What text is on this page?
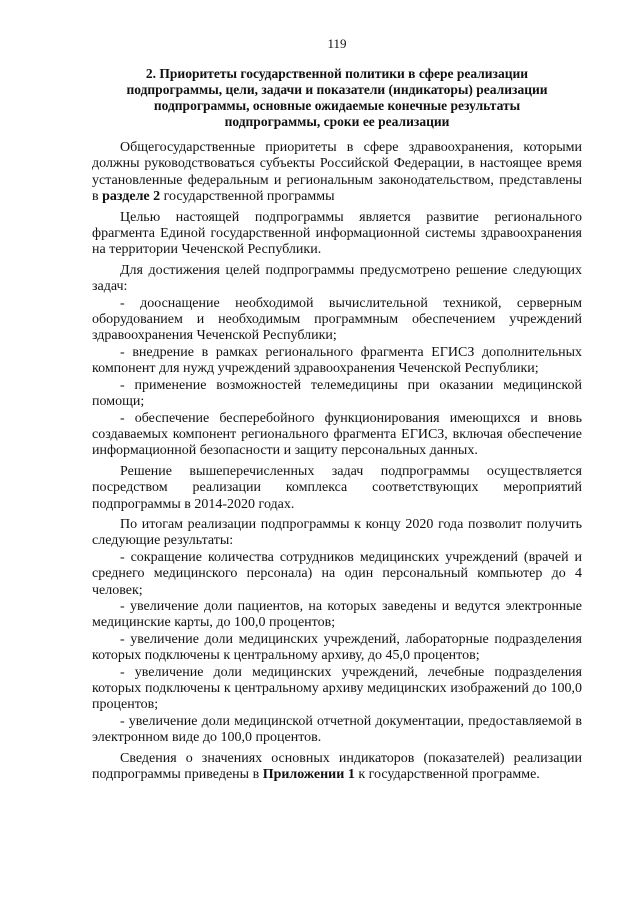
119
2. Приоритеты государственной политики в сфере реализации
подпрограммы, цели, задачи и показатели (индикаторы) реализации
подпрограммы, основные ожидаемые конечные результаты
подпрограммы, сроки ее реализации

Общегосударственные приоритеты в сфере здравоохранения, которыми должны руководствоваться субъекты Российской Федерации, в настоящее время установленные федеральным и региональным законодательством, представлены в разделе 2 государственной программы

Целью настоящей подпрограммы является развитие регионального фрагмента Единой государственной информационной системы здравоохранения на территории Чеченской Республики.

Для достижения целей подпрограммы предусмотрено решение следующих задач:

- дооснащение необходимой вычислительной техникой, серверным оборудованием и необходимым программным обеспечением учреждений здравоохранения Чеченской Республики;

- внедрение в рамках регионального фрагмента ЕГИСЗ дополнительных компонент для нужд учреждений здравоохранения Чеченской Республики;

- применение возможностей телемедицины при оказании медицинской помощи;

- обеспечение бесперебойного функционирования имеющихся и вновь создаваемых компонент регионального фрагмента ЕГИСЗ, включая обеспечение информационной безопасности и защиту персональных данных.

Решение вышеперечисленных задач подпрограммы осуществляется посредством реализации комплекса соответствующих мероприятий подпрограммы в 2014-2020 годах.

По итогам реализации подпрограммы к концу 2020 года позволит получить следующие результаты:

- сокращение количества сотрудников медицинских учреждений (врачей и среднего медицинского персонала) на один персональный компьютер до 4 человек;

- увеличение доли пациентов, на которых заведены и ведутся электронные медицинские карты, до 100,0 процентов;

- увеличение доли медицинских учреждений, лабораторные подразделения которых подключены к центральному архиву, до 45,0 процентов;

- увеличение доли медицинских учреждений, лечебные подразделения которых подключены к центральному архиву медицинских изображений до 100,0 процентов;

- увеличение доли медицинской отчетной документации, предоставляемой в электронном виде до 100,0 процентов.

Сведения о значениях основных индикаторов (показателей) реализации подпрограммы приведены в Приложении 1 к государственной программе.
